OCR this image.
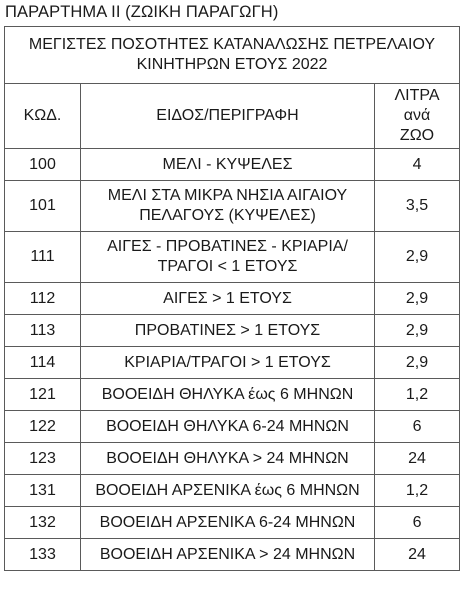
ΠΑΡΑΡΤΗΜΑ ΙΙ (ΖΩΙΚΗ ΠΑΡΑΓΩΓΗ)
ΜΕΓΙΣΤΕΣ ΠΟΣΟΤΗΤΕΣ ΚΑΤΑΝΑΛΩΣΗΣ ΠΕΤΡΕΛΑΙΟΥ
ΚΙΝΗΤΗΡΩΝ ΕΤΟΥΣ 2022		

ΚΩΔ.	ΕΙΔΟΣ/ΠΕΡΙΓΡΑΦΗ	ΛΙΤΡΑ
ανά
ΖΩΟ

100	ΜΕΛΙ - ΚΥΨΕΛΕΣ	4
101	ΜΕΛΙ ΣΤΑ ΜΙΚΡΑ ΝΗΣΙΑ ΑΙΓΑΙΟΥ
ΠΕΛΑΓΟΥΣ (ΚΥΨΕΛΕΣ)	3,5
111	ΑΙΓΕΣ - ΠΡΟΒΑΤΙΝΕΣ - ΚΡΙΑΡΙΑ/
ΤΡΑΓΟΙ < 1 ΕΤΟΥΣ	2,9
112	ΑΙΓΕΣ > 1 ΕΤΟΥΣ	2,9
113	ΠΡΟΒΑΤΙΝΕΣ > 1 ΕΤΟΥΣ	2,9
114	ΚΡΙΑΡΙΑ/ΤΡΑΓΟΙ > 1 ΕΤΟΥΣ	2,9
121	ΒΟΟΕΙΔΗ ΘΗΛΥΚΑ έως 6 ΜΗΝΩΝ	1,2
122	ΒΟΟΕΙΔΗ ΘΗΛΥΚΑ 6-24 ΜΗΝΩΝ	6
123	ΒΟΟΕΙΔΗ ΘΗΛΥΚΑ > 24 ΜΗΝΩΝ	24
131	ΒΟΟΕΙΔΗ ΑΡΣΕΝΙΚΑ έως 6 ΜΗΝΩΝ	1,2
132	ΒΟΟΕΙΔΗ ΑΡΣΕΝΙΚΑ 6-24 ΜΗΝΩΝ	6
133	ΒΟΟΕΙΔΗ ΑΡΣΕΝΙΚΑ > 24 ΜΗΝΩΝ	24
